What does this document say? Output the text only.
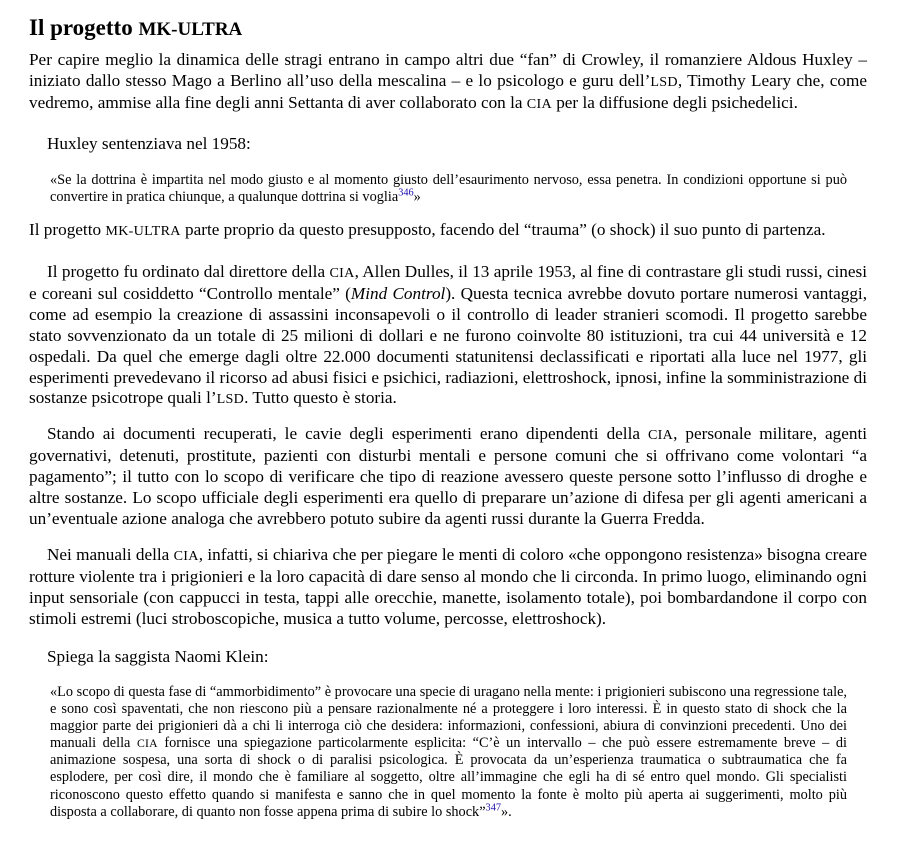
Il progetto MK-ULTRA

Per capire meglio la dinamica delle stragi entrano in campo altri due “fan” di Crowley, il romanziere Aldous Huxley – iniziato dallo stesso Mago a Berlino all’uso della mescalina – e lo psicologo e guru dell’LSD, Timothy Leary che, come vedremo, ammise alla fine degli anni Settanta di aver collaborato con la CIA per la diffusione degli psichedelici.

Huxley sentenziava nel 1958:

«Se la dottrina è impartita nel modo giusto e al momento giusto dell’esaurimento nervoso, essa penetra. In condizioni opportune si può convertire in pratica chiunque, a qualunque dottrina si voglia$^{346}$»

Il progetto MK-ULTRA parte proprio da questo presupposto, facendo del “trauma” (o shock) il suo punto di partenza.

Il progetto fu ordinato dal direttore della CIA, Allen Dulles, il 13 aprile 1953, al fine di contrastare gli studi russi, cinesi e coreani sul cosiddetto “Controllo mentale” (Mind Control). Questa tecnica avrebbe dovuto portare numerosi vantaggi, come ad esempio la creazione di assassini inconsapevoli o il controllo di leader stranieri scomodi. Il progetto sarebbe stato sovvenzionato da un totale di 25 milioni di dollari e ne furono coinvolte 80 istituzioni, tra cui 44 università e 12 ospedali. Da quel che emerge dagli oltre 22.000 documenti statunitensi declassificati e riportati alla luce nel 1977, gli esperimenti prevedevano il ricorso ad abusi fisici e psichici, radiazioni, elettroshock, ipnosi, infine la somministrazione di sostanze psicotrope quali l’LSD. Tutto questo è storia.

Stando ai documenti recuperati, le cavie degli esperimenti erano dipendenti della CIA, personale militare, agenti governativi, detenuti, prostitute, pazienti con disturbi mentali e persone comuni che si offrivano come volontari “a pagamento”; il tutto con lo scopo di verificare che tipo di reazione avessero queste persone sotto l’influsso di droghe e altre sostanze. Lo scopo ufficiale degli esperimenti era quello di preparare un’azione di difesa per gli agenti americani a un’eventuale azione analoga che avrebbero potuto subire da agenti russi durante la Guerra Fredda.

Nei manuali della CIA, infatti, si chiariva che per piegare le menti di coloro «che oppongono resistenza» bisogna creare rotture violente tra i prigionieri e la loro capacità di dare senso al mondo che li circonda. In primo luogo, eliminando ogni input sensoriale (con cappucci in testa, tappi alle orecchie, manette, isolamento totale), poi bombardandone il corpo con stimoli estremi (luci stroboscopiche, musica a tutto volume, percosse, elettroshock).

Spiega la saggista Naomi Klein:

«Lo scopo di questa fase di “ammorbidimento” è provocare una specie di uragano nella mente: i prigionieri subiscono una regressione tale, e sono così spaventati, che non riescono più a pensare razionalmente né a proteggere i loro interessi. È in questo stato di shock che la maggior parte dei prigionieri dà a chi li interroga ciò che desidera: informazioni, confessioni, abiura di convinzioni precedenti. Uno dei manuali della CIA fornisce una spiegazione particolarmente esplicita: “C’è un intervallo – che può essere estremamente breve – di animazione sospesa, una sorta di shock o di paralisi psicologica. È provocata da un’esperienza traumatica o subtraumatica che fa esplodere, per così dire, il mondo che è familiare al soggetto, oltre all’immagine che egli ha di sé entro quel mondo. Gli specialisti riconoscono questo effetto quando si manifesta e sanno che in quel momento la fonte è molto più aperta ai suggerimenti, molto più disposta a collaborare, di quanto non fosse appena prima di subire lo shock”$^{347}$».
